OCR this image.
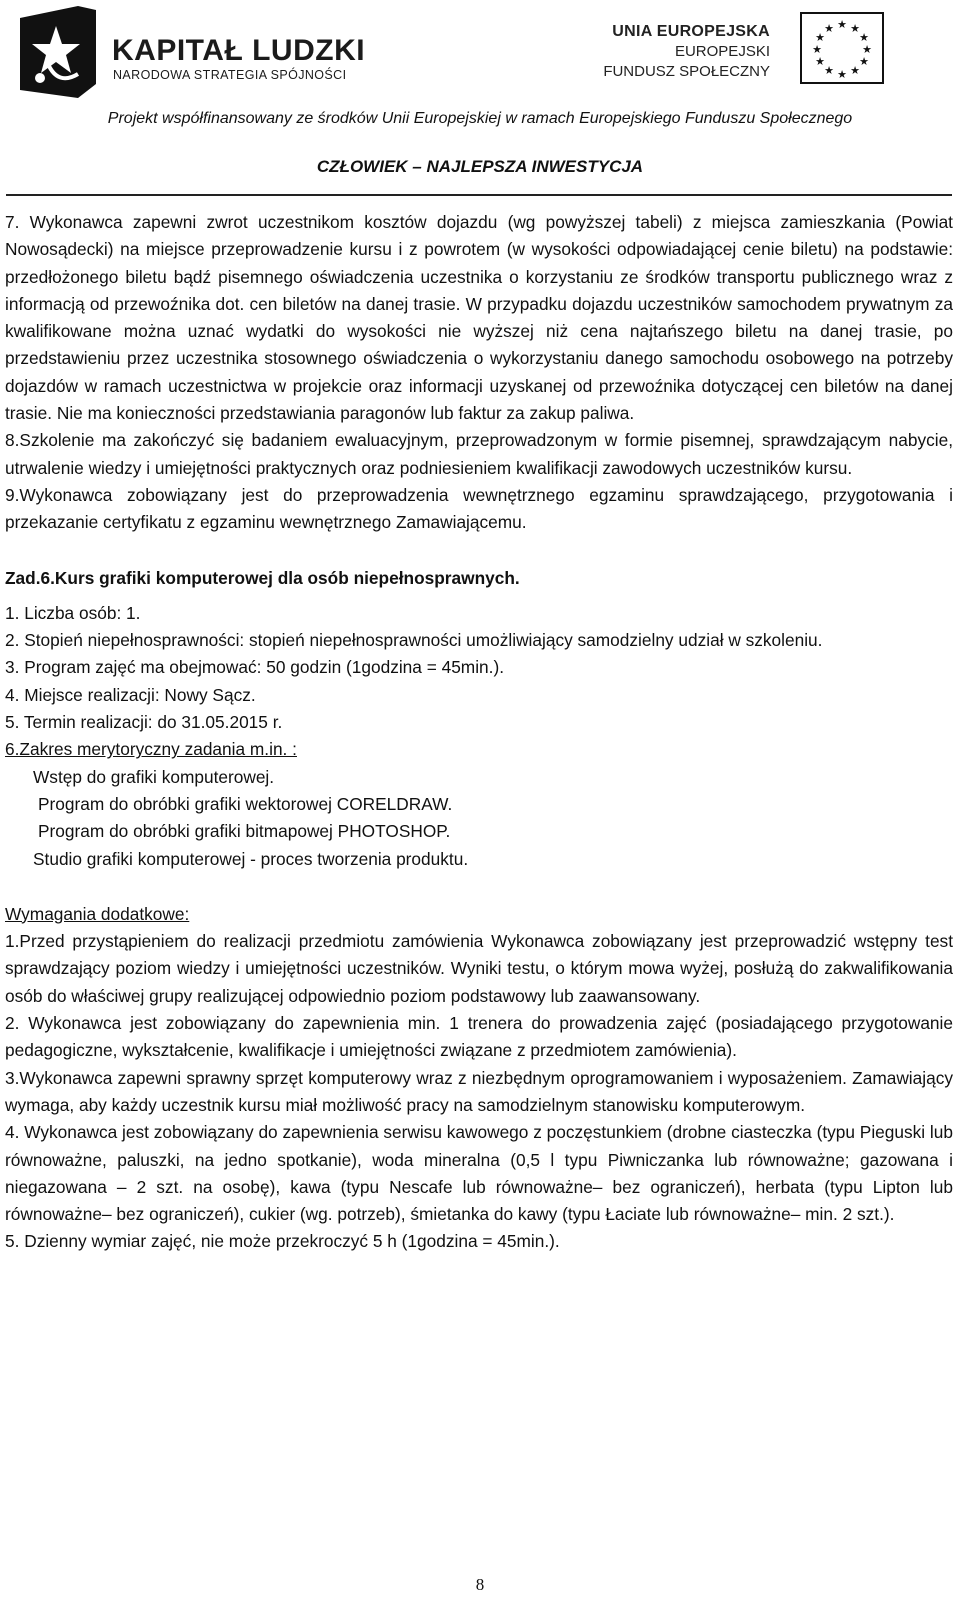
KAPITAŁ LUDZKI
NARODOWA STRATEGIA SPÓJNOŚCI
UNIA EUROPEJSKA
EUROPEJSKI
FUNDUSZ SPOŁECZNY
★ ★
★
★
★
★
★
★
★
★
★
★
Projekt współfinansowany ze środków Unii Europejskiej w ramach Europejskiego Funduszu Społecznego
CZŁOWIEK – NAJLEPSZA INWESTYCJA

7. Wykonawca zapewni zwrot uczestnikom kosztów dojazdu (wg powyższej tabeli) z miejsca zamieszkania (Powiat Nowosądecki) na miejsce przeprowadzenie kursu i z powrotem (w wysokości odpowiadającej cenie biletu) na podstawie: przedłożonego biletu bądź pisemnego oświadczenia uczestnika o korzystaniu ze środków transportu publicznego wraz z informacją od przewoźnika dot. cen biletów na danej trasie. W przypadku dojazdu uczestników samochodem prywatnym za kwalifikowane można uznać wydatki do wysokości nie wyższej niż cena najtańszego biletu na danej trasie, po przedstawieniu przez uczestnika stosownego oświadczenia o wykorzystaniu danego samochodu osobowego na potrzeby dojazdów w ramach uczestnictwa w projekcie oraz informacji uzyskanej od przewoźnika dotyczącej cen biletów na danej trasie. Nie ma konieczności przedstawiania paragonów lub faktur za zakup paliwa.

8.Szkolenie ma zakończyć się badaniem ewaluacyjnym, przeprowadzonym w formie pisemnej, sprawdzającym nabycie, utrwalenie wiedzy i umiejętności praktycznych oraz podniesieniem kwalifikacji zawodowych uczestników kursu.

9.Wykonawca zobowiązany jest do przeprowadzenia wewnętrznego egzaminu sprawdzającego, przygotowania i przekazanie certyfikatu z egzaminu wewnętrznego Zamawiającemu.

Zad.6.Kurs grafiki komputerowej dla osób niepełnosprawnych.

1. Liczba osób: 1.

2. Stopień niepełnosprawności: stopień niepełnosprawności umożliwiający samodzielny udział w szkoleniu.

3. Program zajęć ma obejmować: 50 godzin (1godzina = 45min.).

4. Miejsce realizacji: Nowy Sącz.

5. Termin realizacji: do 31.05.2015 r.

6.Zakres merytoryczny zadania m.in. :

Wstęp do grafiki komputerowej.

Program do obróbki grafiki wektorowej CORELDRAW.

Program do obróbki grafiki bitmapowej PHOTOSHOP.

Studio grafiki komputerowej - proces tworzenia produktu.

Wymagania dodatkowe:

1.Przed przystąpieniem do realizacji przedmiotu zamówienia Wykonawca zobowiązany jest przeprowadzić wstępny test sprawdzający poziom wiedzy i umiejętności uczestników. Wyniki testu, o którym mowa wyżej, posłużą do zakwalifikowania osób do właściwej grupy realizującej odpowiednio poziom podstawowy lub zaawansowany.

2. Wykonawca jest zobowiązany do zapewnienia min. 1 trenera do prowadzenia zajęć (posiadającego przygotowanie pedagogiczne, wykształcenie, kwalifikacje i umiejętności związane z przedmiotem zamówienia).

3.Wykonawca zapewni sprawny sprzęt komputerowy wraz z niezbędnym oprogramowaniem i wyposażeniem. Zamawiający wymaga, aby każdy uczestnik kursu miał możliwość pracy na samodzielnym stanowisku komputerowym.

4. Wykonawca jest zobowiązany do zapewnienia serwisu kawowego z poczęstunkiem (drobne ciasteczka (typu Pieguski lub równoważne, paluszki, na jedno spotkanie), woda mineralna (0,5 l typu Piwniczanka lub równoważne; gazowana i niegazowana – 2 szt. na osobę), kawa (typu Nescafe lub równoważne– bez ograniczeń), herbata (typu Lipton lub równoważne– bez ograniczeń), cukier (wg. potrzeb), śmietanka do kawy (typu Łaciate lub równoważne– min. 2 szt.).

5. Dzienny wymiar zajęć, nie może przekroczyć 5 h (1godzina = 45min.).

8
